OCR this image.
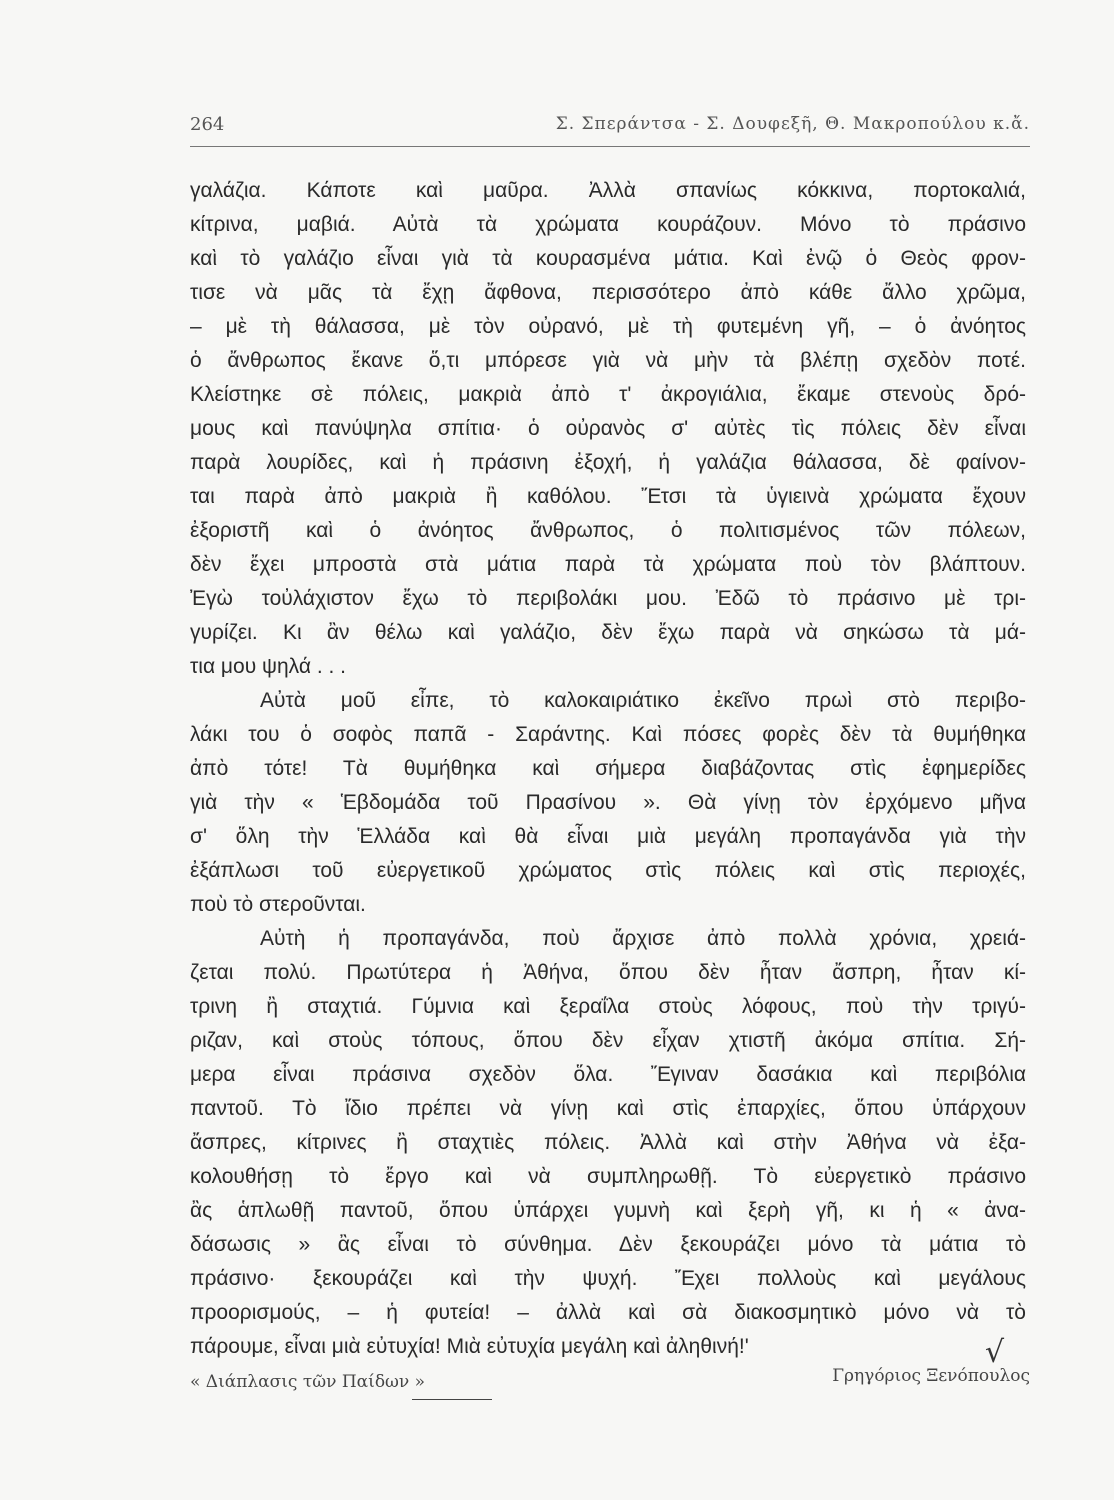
264	Σ. Σπεράντσα - Σ. Δουφεξῆ, Θ. Μακροπούλου κ.ἄ.
γαλάζια. Κάποτε καὶ μαῦρα. Ἀλλὰ σπανίως κόκκινα, πορτοκαλιά,
κίτρινα, μαβιά. Αὐτὰ τὰ χρώματα κουράζουν. Μόνο τὸ πράσινο
καὶ τὸ γαλάζιο εἶναι γιὰ τὰ κουρασμένα μάτια. Καὶ ἐνῷ ὁ Θεὸς φρον-
τισε νὰ μᾶς τὰ ἔχῃ ἄφθονα, περισσότερο ἀπὸ κάθε ἄλλο χρῶμα,
– μὲ τὴ θάλασσα, μὲ τὸν οὐρανό, μὲ τὴ φυτεμένη γῆ, – ὁ ἀνόητος
ὁ ἄνθρωπος ἔκανε ὅ,τι μπόρεσε γιὰ νὰ μὴν τὰ βλέπῃ σχεδὸν ποτέ.
Κλείστηκε σὲ πόλεις, μακριὰ ἀπὸ τ' ἀκρογιάλια, ἔκαμε στενοὺς δρό-
μους καὶ πανύψηλα σπίτια· ὁ οὐρανὸς σ' αὐτὲς τὶς πόλεις δὲν εἶναι
παρὰ λουρίδες, καὶ ἡ πράσινη ἐξοχή, ἡ γαλάζια θάλασσα, δὲ φαίνον-
ται παρὰ ἀπὸ μακριὰ ἢ καθόλου. Ἔτσι τὰ ὑγιεινὰ χρώματα ἔχουν
ἐξοριστῆ καὶ ὁ ἀνόητος ἄνθρωπος, ὁ πολιτισμένος τῶν πόλεων,
δὲν ἔχει μπροστὰ στὰ μάτια παρὰ τὰ χρώματα ποὺ τὸν βλάπτουν.
Ἐγὼ τοὐλάχιστον ἔχω τὸ περιβολάκι μου. Ἐδῶ τὸ πράσινο μὲ τρι-
γυρίζει. Κι ἂν θέλω καὶ γαλάζιο, δὲν ἔχω παρὰ νὰ σηκώσω τὰ μά-
τια μου ψηλά . . .
Αὐτὰ μοῦ εἶπε, τὸ καλοκαιριάτικο ἐκεῖνο πρωὶ στὸ περιβο-
λάκι του ὁ σοφὸς παπᾶ - Σαράντης. Καὶ πόσες φορὲς δὲν τὰ θυμήθηκα
ἀπὸ τότε! Τὰ θυμήθηκα καὶ σήμερα διαβάζοντας στὶς ἐφημερίδες
γιὰ τὴν « Ἑβδομάδα τοῦ Πρασίνου ». Θὰ γίνῃ τὸν ἐρχόμενο μῆνα
σ' ὅλη τὴν Ἑλλάδα καὶ θὰ εἶναι μιὰ μεγάλη προπαγάνδα γιὰ τὴν
ἐξάπλωσι τοῦ εὐεργετικοῦ χρώματος στὶς πόλεις καὶ στὶς περιοχές,
ποὺ τὸ στεροῦνται.
Αὐτὴ ἡ προπαγάνδα, ποὺ ἄρχισε ἀπὸ πολλὰ χρόνια, χρειά-
ζεται πολύ. Πρωτύτερα ἡ Ἀθήνα, ὅπου δὲν ἦταν ἄσπρη, ἦταν κί-
τρινη ἢ σταχτιά. Γύμνια καὶ ξεραΐλα στοὺς λόφους, ποὺ τὴν τριγύ-
ριζαν, καὶ στοὺς τόπους, ὅπου δὲν εἶχαν χτιστῆ ἀκόμα σπίτια. Σή-
μερα εἶναι πράσινα σχεδὸν ὅλα. Ἔγιναν δασάκια καὶ περιβόλια
παντοῦ. Τὸ ἴδιο πρέπει νὰ γίνῃ καὶ στὶς ἐπαρχίες, ὅπου ὑπάρχουν
ἄσπρες, κίτρινες ἢ σταχτιὲς πόλεις. Ἀλλὰ καὶ στὴν Ἀθήνα νὰ ἐξα-
κολουθήσῃ τὸ ἔργο καὶ νὰ συμπληρωθῇ. Τὸ εὐεργετικὸ πράσινο
ἂς ἁπλωθῇ παντοῦ, ὅπου ὑπάρχει γυμνὴ καὶ ξερὴ γῆ, κι ἡ « ἀνα-
δάσωσις » ἂς εἶναι τὸ σύνθημα. Δὲν ξεκουράζει μόνο τὰ μάτια τὸ
πράσινο· ξεκουράζει καὶ τὴν ψυχή. Ἔχει πολλοὺς καὶ μεγάλους
προορισμούς, – ἡ φυτεία! – ἀλλὰ καὶ σὰ διακοσμητικὸ μόνο νὰ τὸ
πάρουμε, εἶναι μιὰ εὐτυχία! Μιὰ εὐτυχία μεγάλη καὶ ἀληθινή!'	√
« Διάπλασις τῶν Παίδων »	Γρηγόριος Ξενόπουλος
